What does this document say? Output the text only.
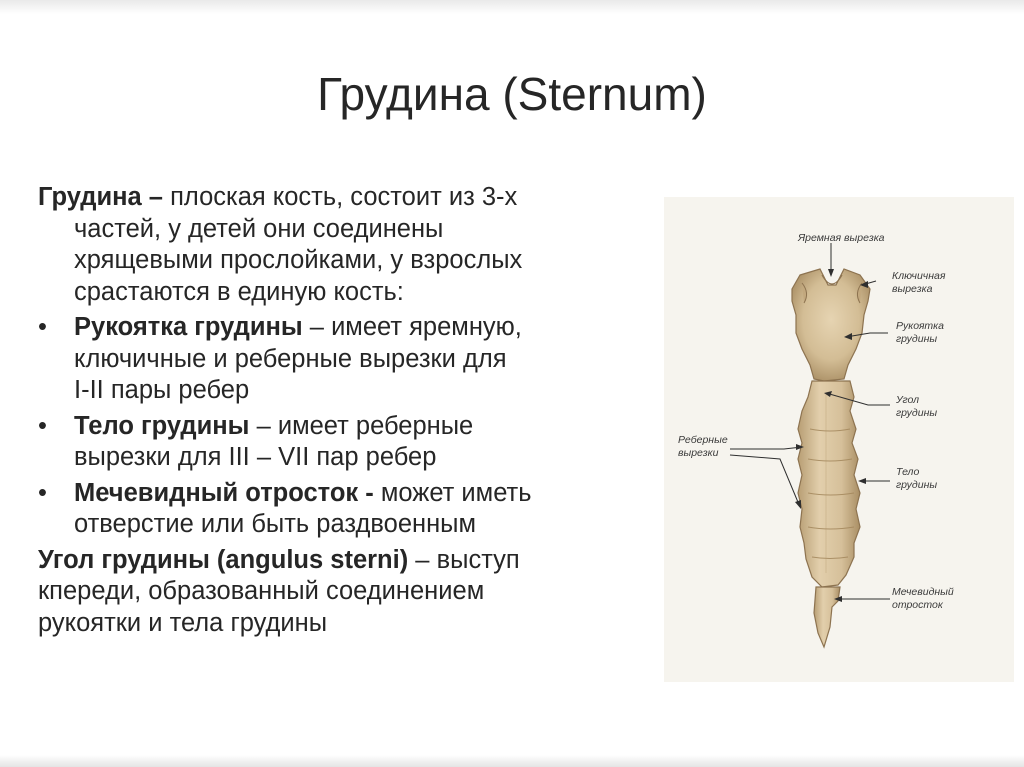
Грудина (Sternum)
Грудина – плоская кость, состоит из 3-х
частей, у детей они соединены
хрящевыми прослойками, у взрослых
срастаются в единую кость:
•	Рукоятка грудины – имеет яремную,
ключичные и реберные вырезки для
I-II пары ребер
•	Тело грудины – имеет реберные
вырезки для III – VII пар ребер
•	Мечевидный отросток - может иметь
отверстие или быть раздвоенным
Угол грудины (angulus sterni) – выступ
кпереди, образованный соединением
рукоятки и тела грудины
Яремная вырезка
Ключичная
вырезка
Рукоятка
грудины
Угол
грудины
Реберные
вырезки
Тело
грудины
Мечевидный
отросток
